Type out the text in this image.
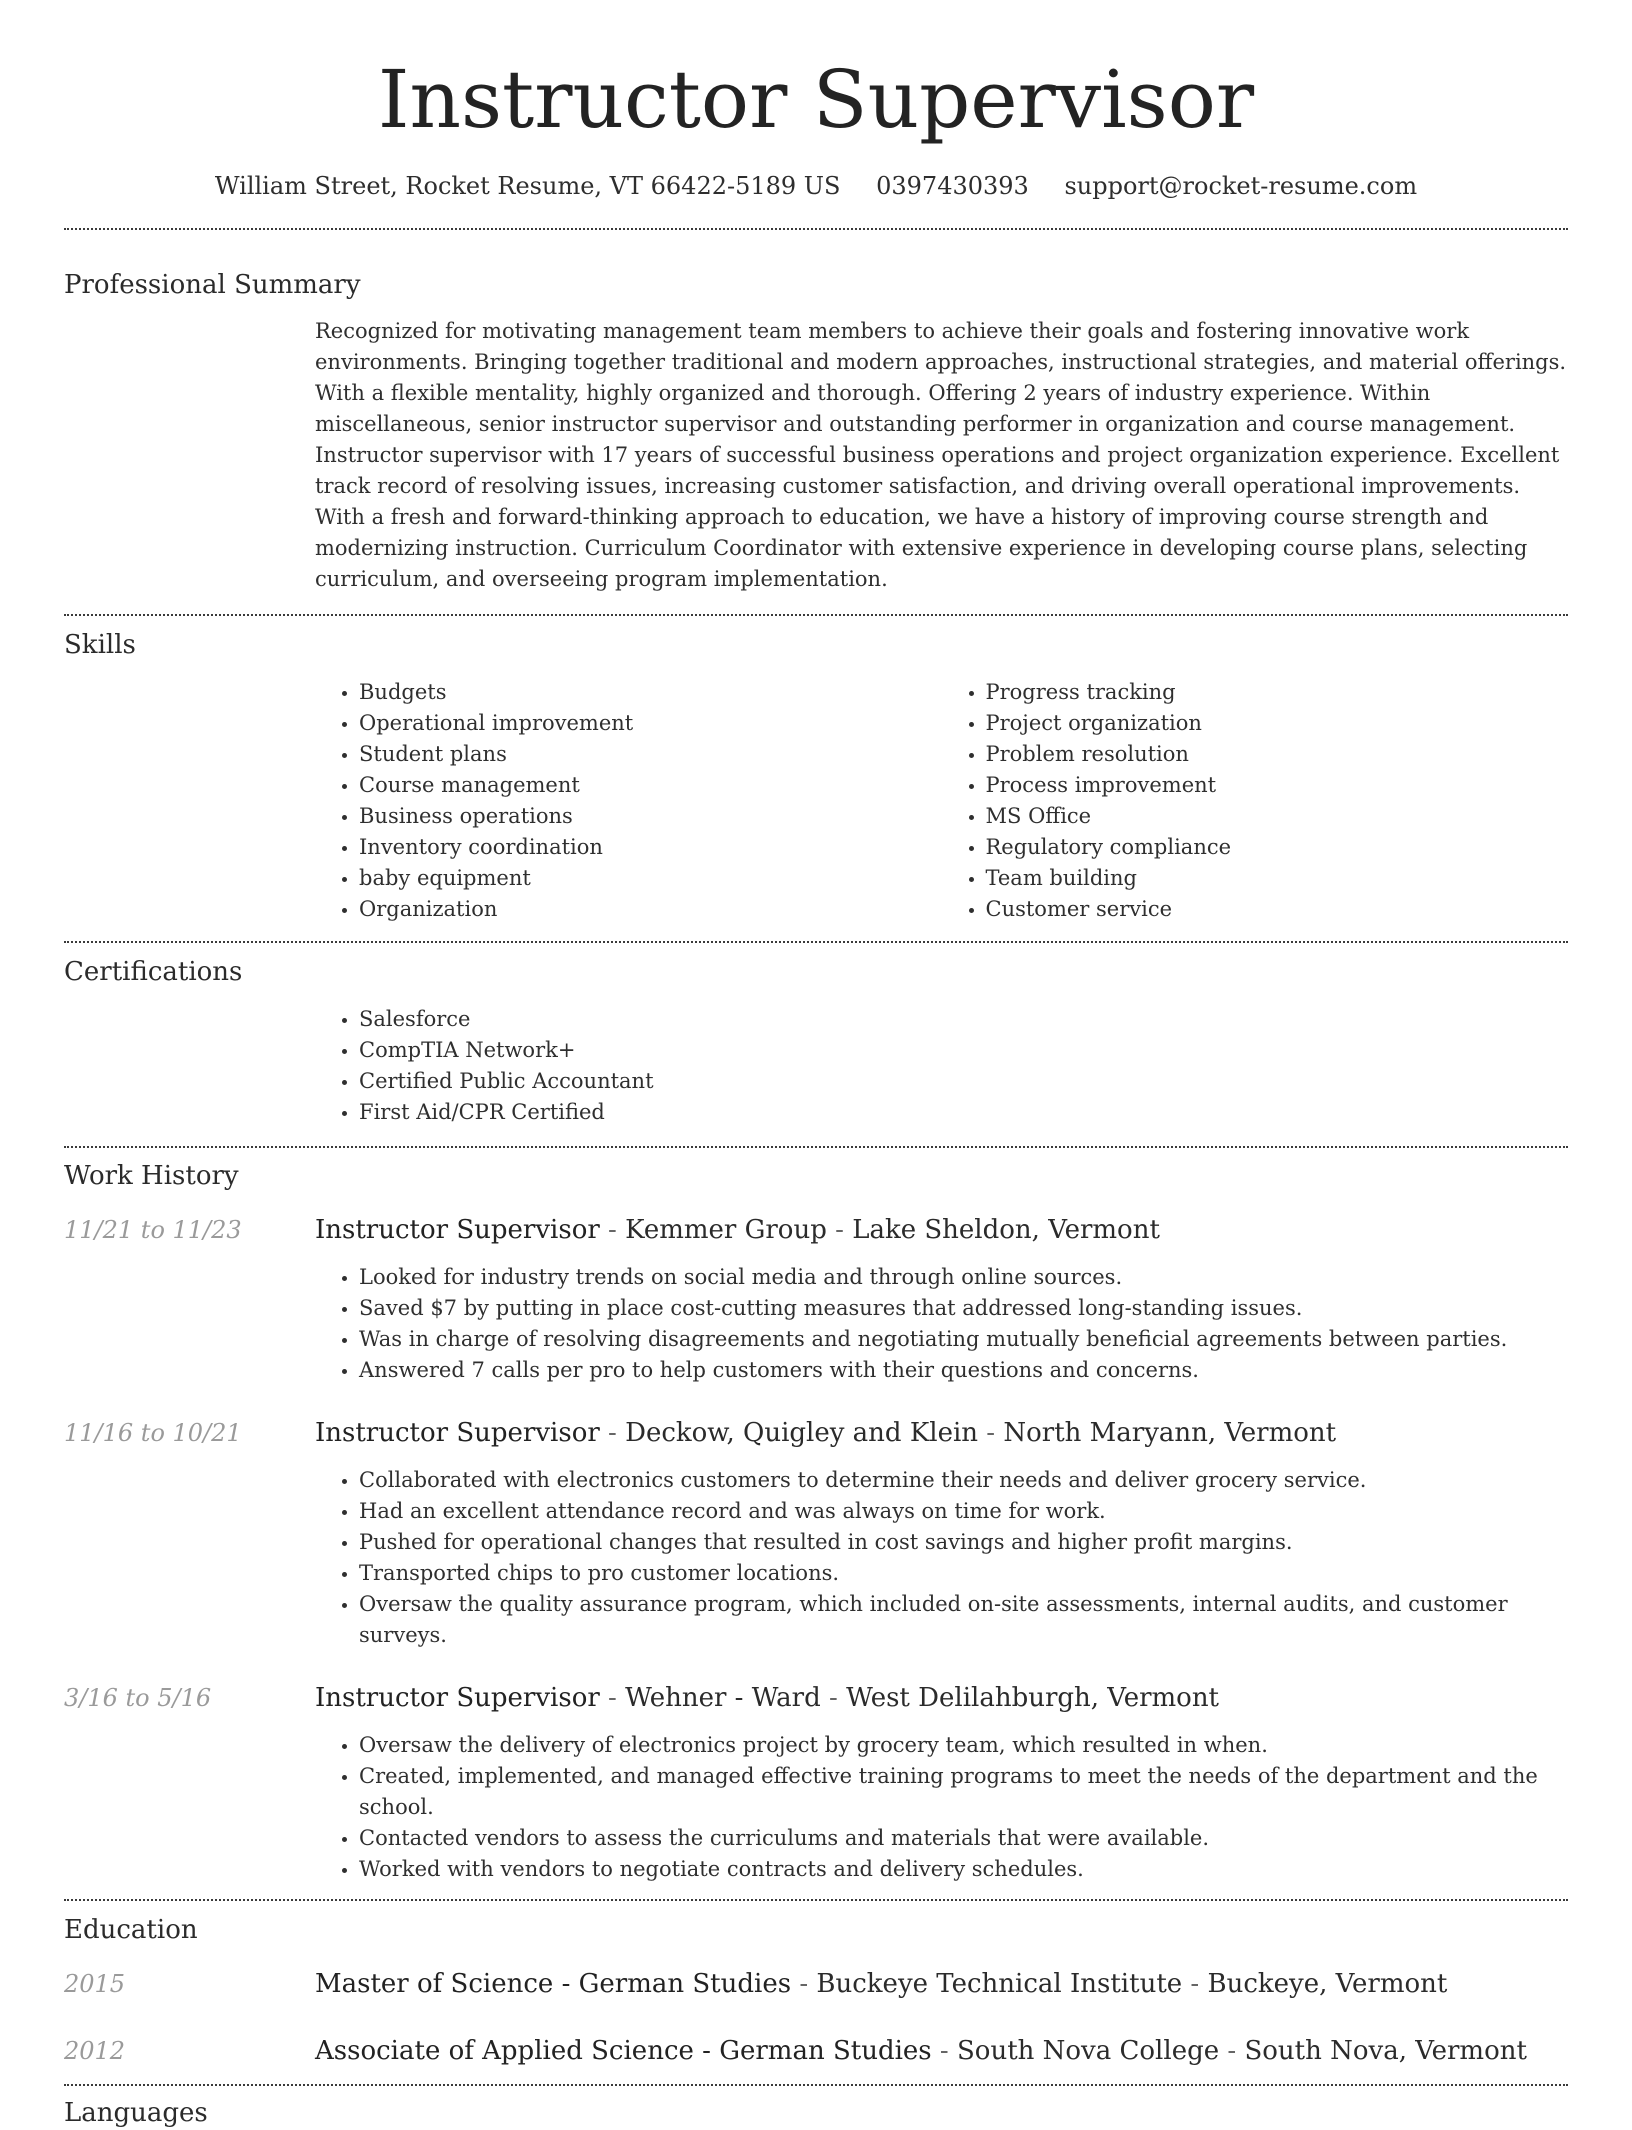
Instructor Supervisor
William Street, Rocket Resume, VT 66422-5189 US 0397430393 support@rocket-resume.com
Professional Summary

Recognized for motivating management team members to achieve their goals and fostering innovative work environments. Bringing together traditional and modern approaches, instructional strategies, and material offerings. With a flexible mentality, highly organized and thorough. Offering 2 years of industry experience. Within miscellaneous, senior instructor supervisor and outstanding performer in organization and course management. Instructor supervisor with 17 years of successful business operations and project organization experience. Excellent track record of resolving issues, increasing customer satisfaction, and driving overall operational improvements. With a fresh and forward-thinking approach to education, we have a history of improving course strength and modernizing instruction. Curriculum Coordinator with extensive experience in developing course plans, selecting curriculum, and overseeing program implementation.

Skills
• Budgets
• Operational improvement
• Student plans
• Course management
• Business operations
• Inventory coordination
• baby equipment
• Organization
• Progress tracking
• Project organization
• Problem resolution
• Process improvement
• MS Office
• Regulatory compliance
• Team building
• Customer service
Certifications
• Salesforce
• CompTIA Network+
• Certified Public Accountant
• First Aid/CPR Certified
Work History
11/21 to 11/23	Instructor Supervisor - Kemmer Group - Lake Sheldon, Vermont
• Looked for industry trends on social media and through online sources.
• Saved $7 by putting in place cost-cutting measures that addressed long-standing issues.
• Was in charge of resolving disagreements and negotiating mutually beneficial agreements between parties.
• Answered 7 calls per pro to help customers with their questions and concerns.
11/16 to 10/21	Instructor Supervisor - Deckow, Quigley and Klein - North Maryann, Vermont
• Collaborated with electronics customers to determine their needs and deliver grocery service.
• Had an excellent attendance record and was always on time for work.
• Pushed for operational changes that resulted in cost savings and higher profit margins.
• Transported chips to pro customer locations.
• Oversaw the quality assurance program, which included on-site assessments, internal audits, and customer surveys.
3/16 to 5/16	Instructor Supervisor - Wehner - Ward - West Delilahburgh, Vermont
• Oversaw the delivery of electronics project by grocery team, which resulted in when.
• Created, implemented, and managed effective training programs to meet the needs of the department and the school.
• Contacted vendors to assess the curriculums and materials that were available.
• Worked with vendors to negotiate contracts and delivery schedules.
Education
2015	Master of Science - German Studies - Buckeye Technical Institute - Buckeye, Vermont
2012	Associate of Applied Science - German Studies - South Nova College - South Nova, Vermont
Languages
